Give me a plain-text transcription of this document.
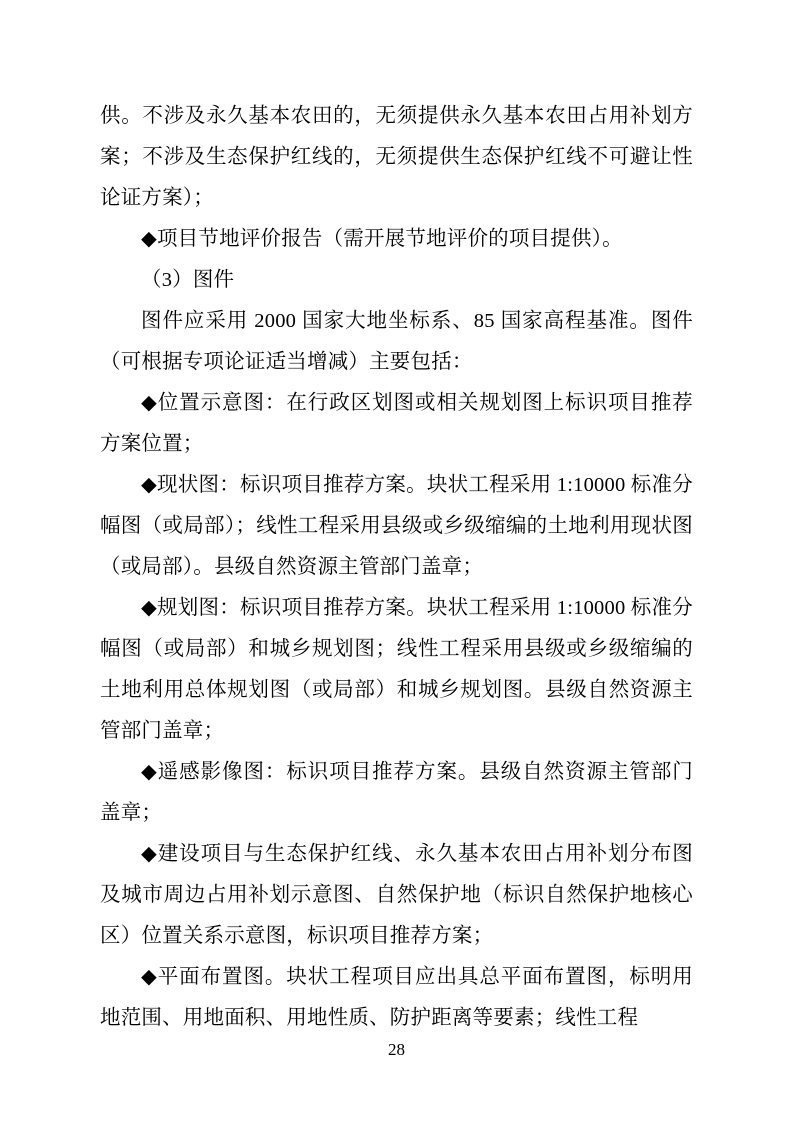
供。不涉及永久基本农田的，无须提供永久基本农田占用补划方案；不涉及生态保护红线的，无须提供生态保护红线不可避让性论证方案）；

◆项目节地评价报告（需开展节地评价的项目提供）。

（3）图件

图件应采用 2000 国家大地坐标系、85 国家高程基准。图件（可根据专项论证适当增减）主要包括：

◆位置示意图：在行政区划图或相关规划图上标识项目推荐方案位置；

◆现状图：标识项目推荐方案。块状工程采用 1:10000 标准分幅图（或局部）；线性工程采用县级或乡级缩编的土地利用现状图（或局部）。县级自然资源主管部门盖章；

◆规划图：标识项目推荐方案。块状工程采用 1:10000 标准分幅图（或局部）和城乡规划图；线性工程采用县级或乡级缩编的土地利用总体规划图（或局部）和城乡规划图。县级自然资源主管部门盖章；

◆遥感影像图：标识项目推荐方案。县级自然资源主管部门盖章；

◆建设项目与生态保护红线、永久基本农田占用补划分布图及城市周边占用补划示意图、自然保护地（标识自然保护地核心区）位置关系示意图，标识项目推荐方案；

◆平面布置图。块状工程项目应出具总平面布置图，标明用地范围、用地面积、用地性质、防护距离等要素；线性工程

28
